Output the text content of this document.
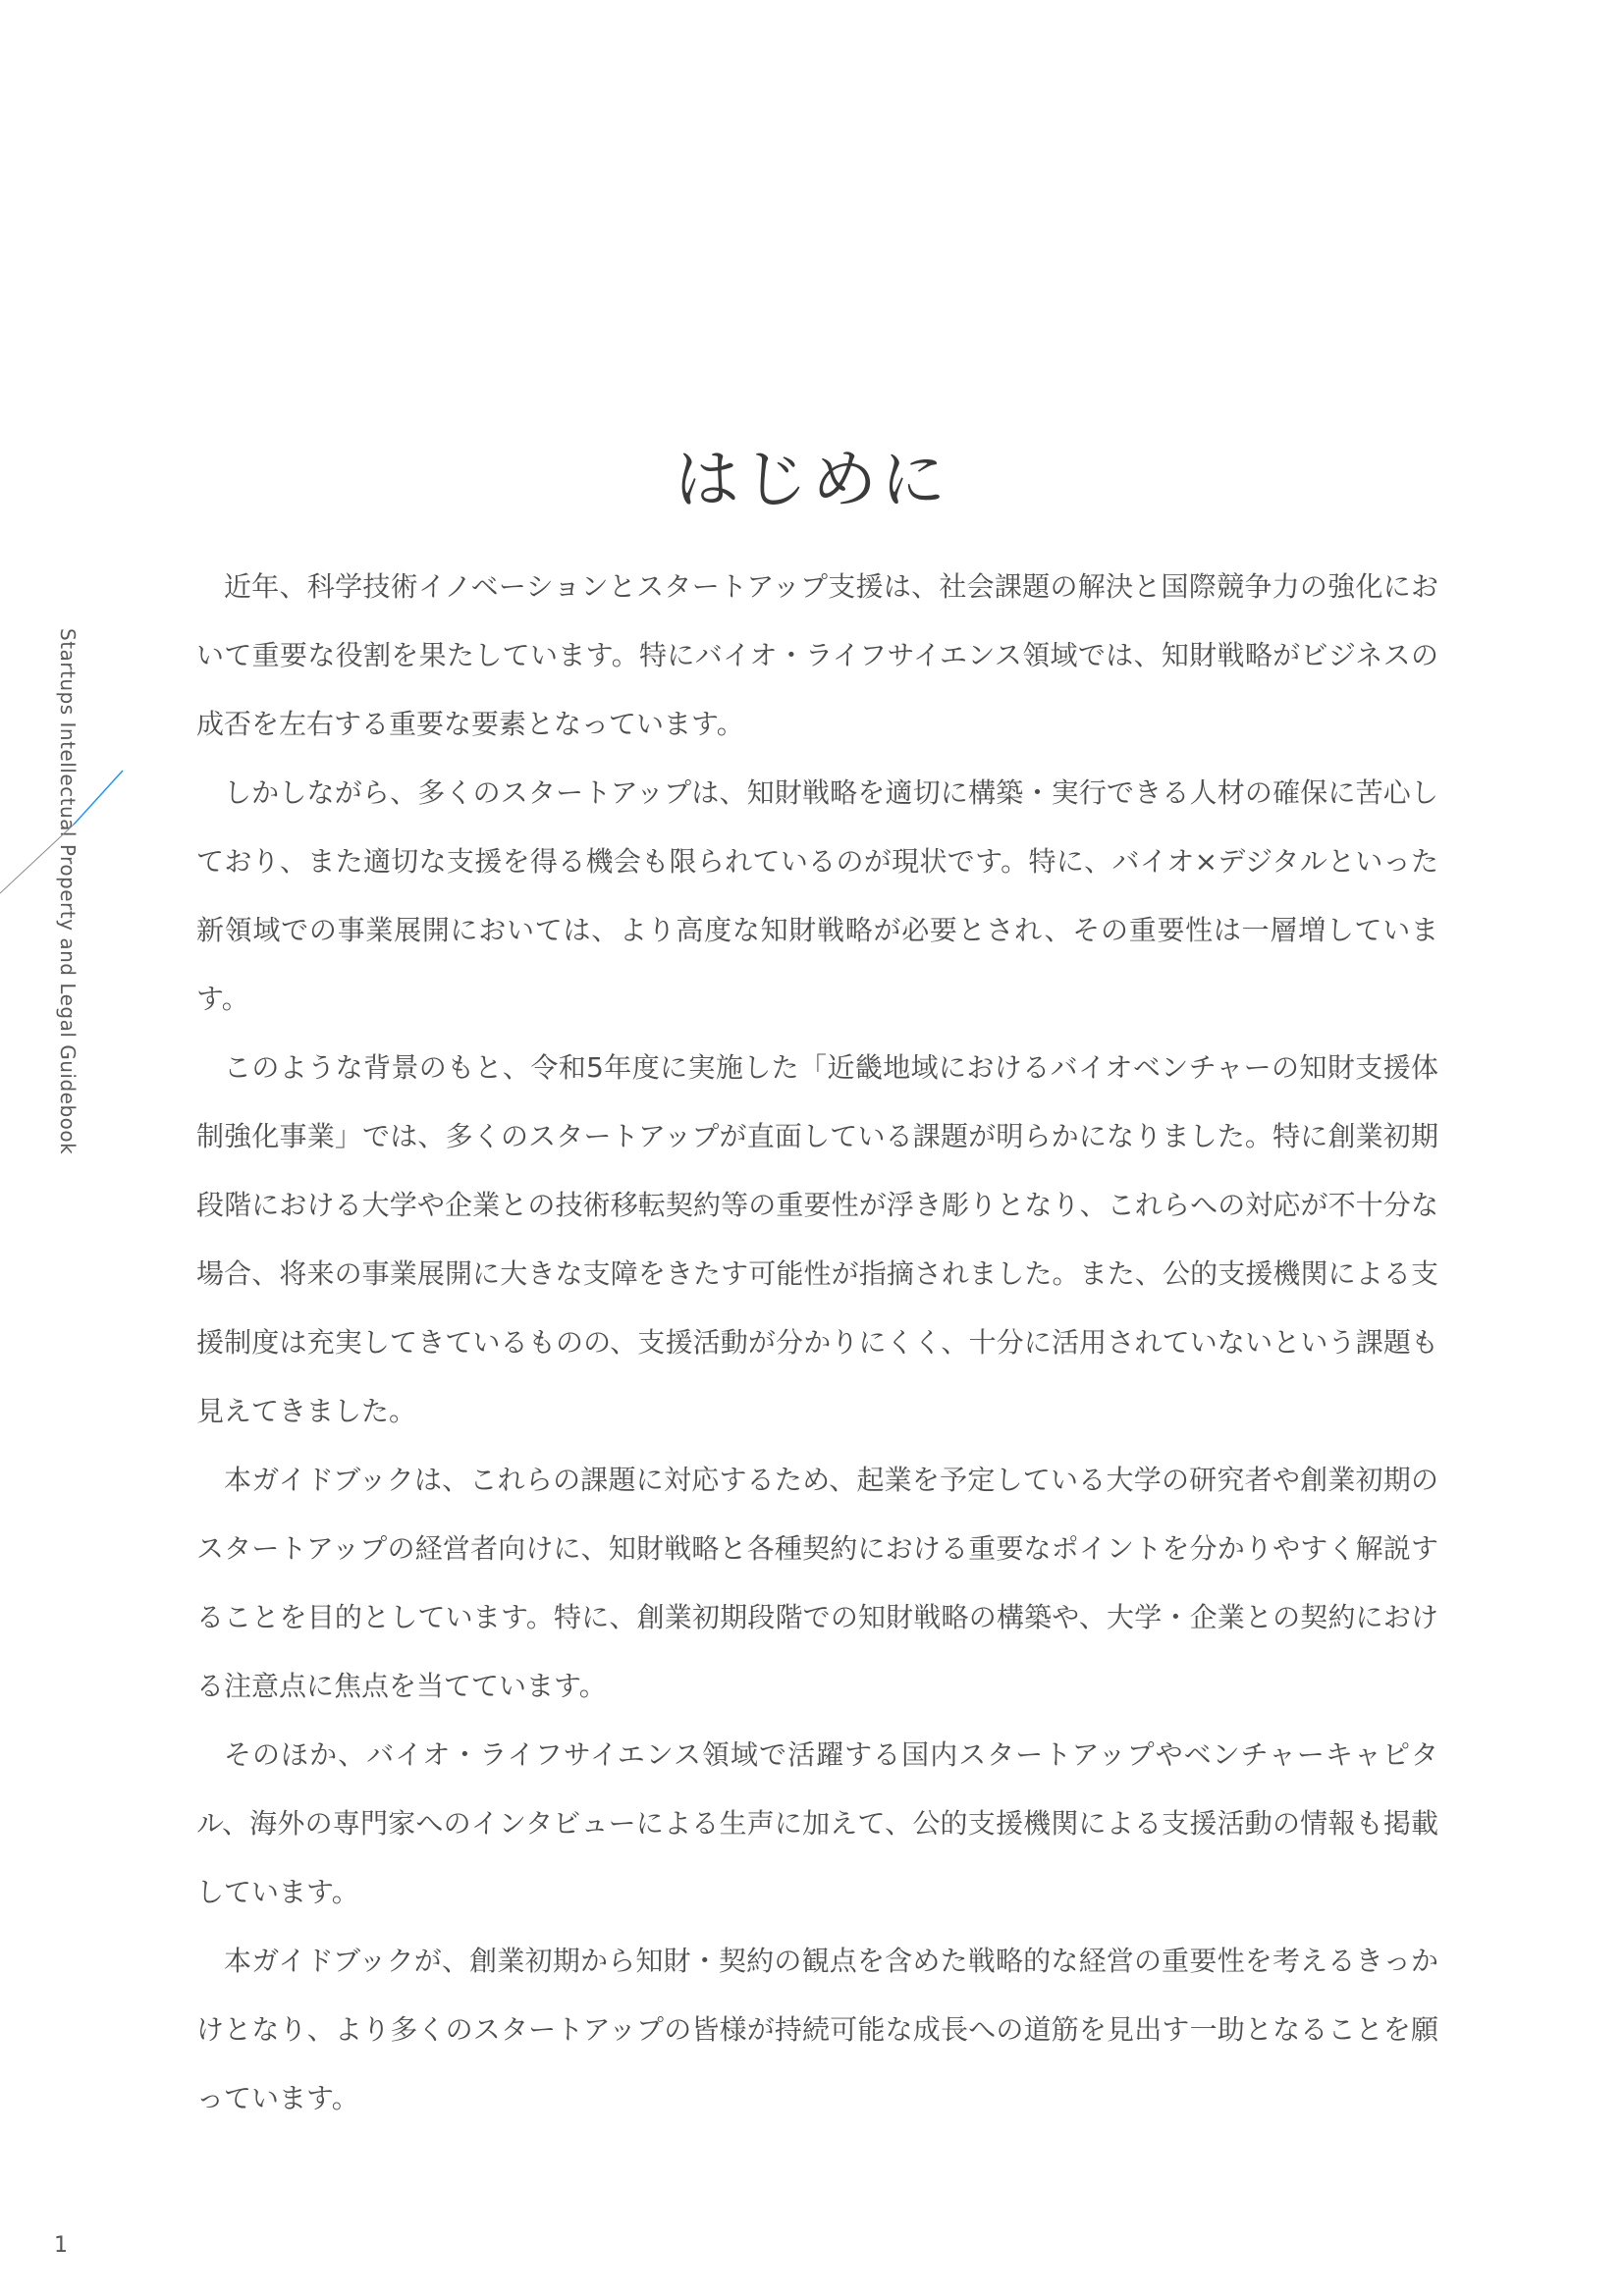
Startups Intellectual Property and Legal Guidebook
はじめに

近年、科学技術イノベーションとスタートアップ支援は、社会課題の解決と国際競争力の強化において重要な役割を果たしています。特にバイオ・ライフサイエンス領域では、知財戦略がビジネスの成否を左右する重要な要素となっています。

しかしながら、多くのスタートアップは、知財戦略を適切に構築・実行できる人材の確保に苦心しており、また適切な支援を得る機会も限られているのが現状です。特に、バイオ×デジタルといった新領域での事業展開においては、より高度な知財戦略が必要とされ、その重要性は一層増しています。

このような背景のもと、令和5年度に実施した「近畿地域におけるバイオベンチャーの知財支援体制強化事業」では、多くのスタートアップが直面している課題が明らかになりました。特に創業初期段階における大学や企業との技術移転契約等の重要性が浮き彫りとなり、これらへの対応が不十分な場合、将来の事業展開に大きな支障をきたす可能性が指摘されました。また、公的支援機関による支援制度は充実してきているものの、支援活動が分かりにくく、十分に活用されていないという課題も見えてきました。

本ガイドブックは、これらの課題に対応するため、起業を予定している大学の研究者や創業初期のスタートアップの経営者向けに、知財戦略と各種契約における重要なポイントを分かりやすく解説することを目的としています。特に、創業初期段階での知財戦略の構築や、大学・企業との契約における注意点に焦点を当てています。

そのほか、バイオ・ライフサイエンス領域で活躍する国内スタートアップやベンチャーキャピタル、海外の専門家へのインタビューによる生声に加えて、公的支援機関による支援活動の情報も掲載しています。

本ガイドブックが、創業初期から知財・契約の観点を含めた戦略的な経営の重要性を考えるきっかけとなり、より多くのスタートアップの皆様が持続可能な成長への道筋を見出す一助となることを願っています。

1
